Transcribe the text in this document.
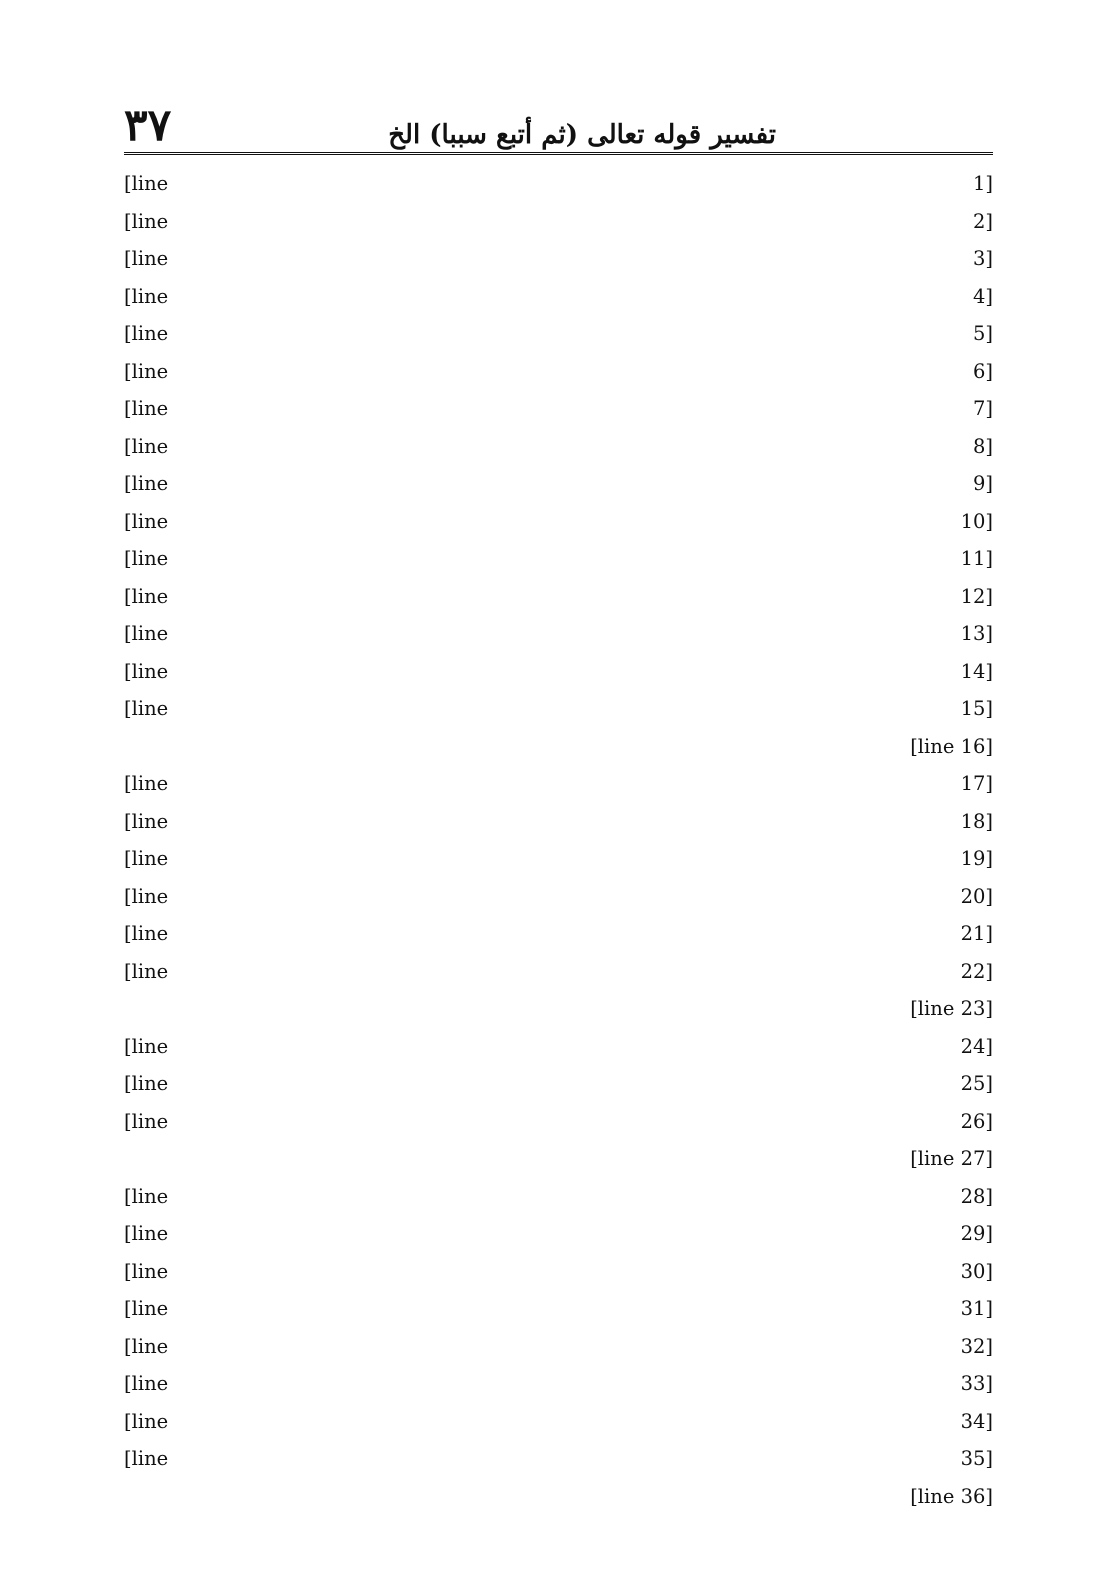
تفسير قوله تعالى (ثم أتبع سببا) الخ
٣٧
[line 1]
[line 2]
[line 3]
[line 4]
[line 5]
[line 6]
[line 7]
[line 8]
[line 9]
[line 10]
[line 11]
[line 12]
[line 13]
[line 14]
[line 15]
[line 16]
[line 17]
[line 18]
[line 19]
[line 20]
[line 21]
[line 22]
[line 23]
[line 24]
[line 25]
[line 26]
[line 27]
[line 28]
[line 29]
[line 30]
[line 31]
[line 32]
[line 33]
[line 34]
[line 35]
[line 36]
